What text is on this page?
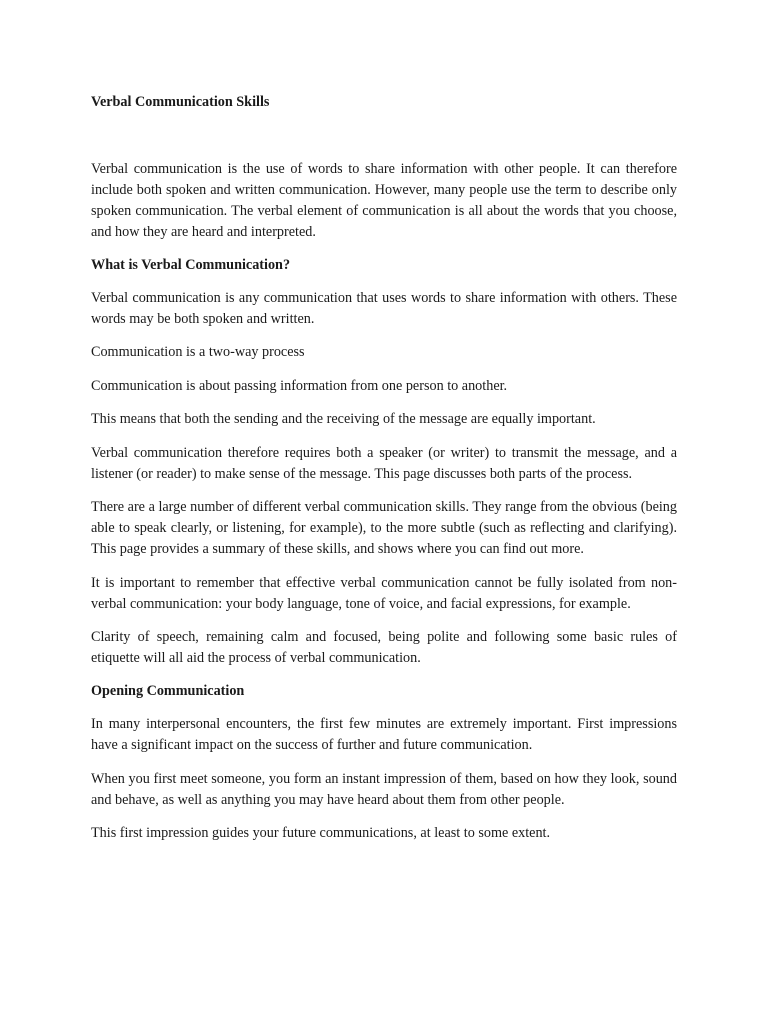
Verbal Communication Skills

Verbal communication is the use of words to share information with other people. It can therefore include both spoken and written communication. However, many people use the term to describe only spoken communication. The verbal element of communication is all about the words that you choose, and how they are heard and interpreted.

What is Verbal Communication?

Verbal communication is any communication that uses words to share information with others. These words may be both spoken and written.

Communication is a two-way process

Communication is about passing information from one person to another.

This means that both the sending and the receiving of the message are equally important.

Verbal communication therefore requires both a speaker (or writer) to transmit the message, and a listener (or reader) to make sense of the message. This page discusses both parts of the process.

There are a large number of different verbal communication skills. They range from the obvious (being able to speak clearly, or listening, for example), to the more subtle (such as reflecting and clarifying). This page provides a summary of these skills, and shows where you can find out more.

It is important to remember that effective verbal communication cannot be fully isolated from non-verbal communication: your body language, tone of voice, and facial expressions, for example.

Clarity of speech, remaining calm and focused, being polite and following some basic rules of etiquette will all aid the process of verbal communication.

Opening Communication

In many interpersonal encounters, the first few minutes are extremely important. First impressions have a significant impact on the success of further and future communication.

When you first meet someone, you form an instant impression of them, based on how they look, sound and behave, as well as anything you may have heard about them from other people.

This first impression guides your future communications, at least to some extent.
